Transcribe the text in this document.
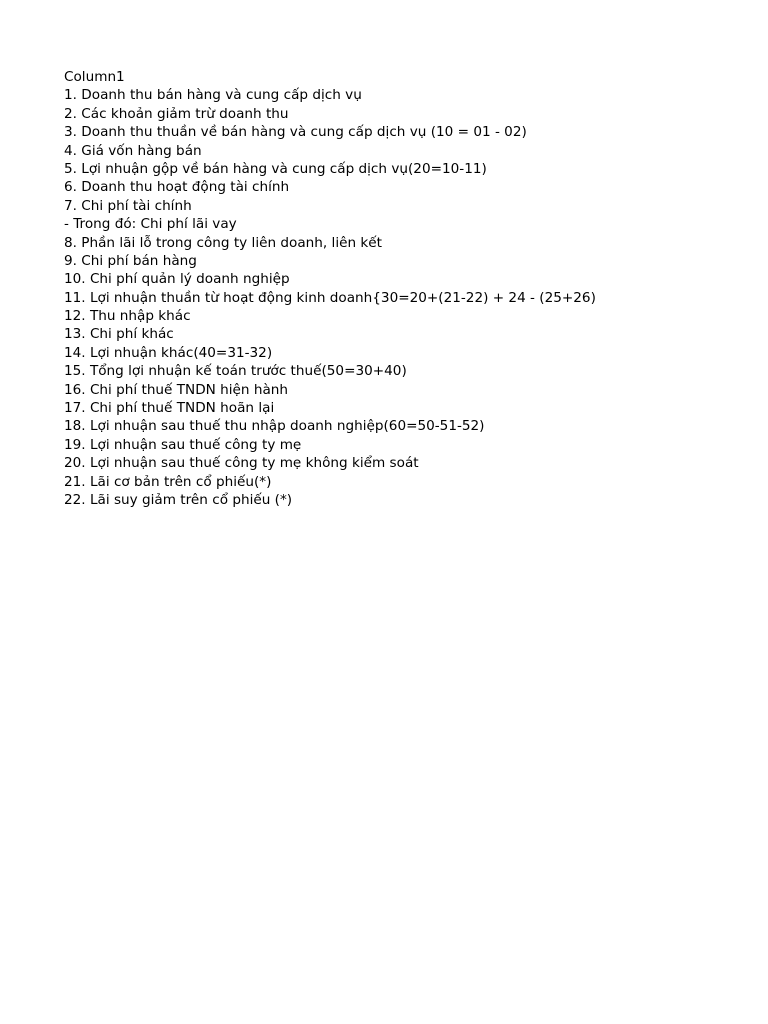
Column1
1. Doanh thu bán hàng và cung cấp dịch vụ
2. Các khoản giảm trừ doanh thu
3. Doanh thu thuần về bán hàng và cung cấp dịch vụ (10 = 01 - 02)
4. Giá vốn hàng bán
5. Lợi nhuận gộp về bán hàng và cung cấp dịch vụ(20=10-11)
6. Doanh thu hoạt động tài chính
7. Chi phí tài chính
- Trong đó: Chi phí lãi vay
8. Phần lãi lỗ trong công ty liên doanh, liên kết
9. Chi phí bán hàng
10. Chi phí quản lý doanh nghiệp
11. Lợi nhuận thuần từ hoạt động kinh doanh{30=20+(21-22) + 24 - (25+26)
12. Thu nhập khác
13. Chi phí khác
14. Lợi nhuận khác(40=31-32)
15. Tổng lợi nhuận kế toán trước thuế(50=30+40)
16. Chi phí thuế TNDN hiện hành
17. Chi phí thuế TNDN hoãn lại
18. Lợi nhuận sau thuế thu nhập doanh nghiệp(60=50-51-52)
19. Lợi nhuận sau thuế công ty mẹ
20. Lợi nhuận sau thuế công ty mẹ không kiểm soát
21. Lãi cơ bản trên cổ phiếu(*)
22. Lãi suy giảm trên cổ phiếu (*)
